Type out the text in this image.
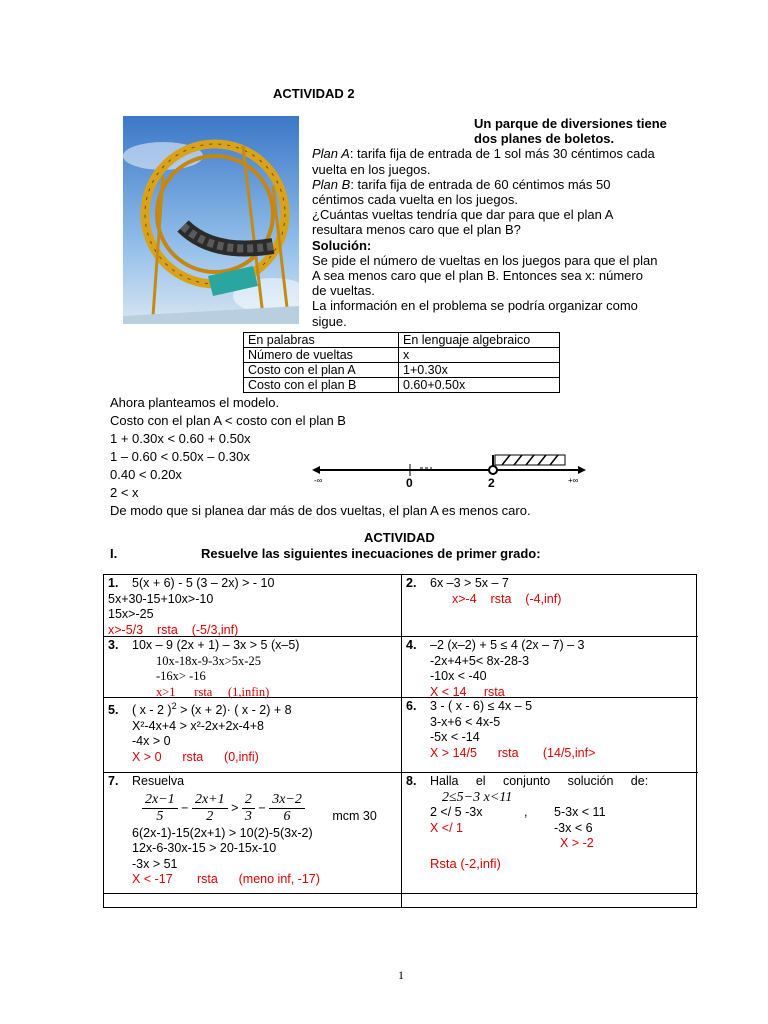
ACTIVIDAD 2

Un parque de diversiones tiene

dos planes de boletos.

Plan A: tarifa fija de entrada de 1 sol más 30 céntimos cada

vuelta en los juegos.

Plan B: tarifa fija de entrada de 60 céntimos más 50

céntimos cada vuelta en los juegos.

¿Cuántas vueltas tendría que dar para que el plan A

resultara menos caro que el plan B?

Solución:

Se pide el número de vueltas en los juegos para que el plan

A sea menos caro que el plan B. Entonces sea x: número

de vueltas.

La información en el problema se podría organizar como

sigue.

En palabras	En lenguaje algebraico
Número de vueltas	x
Costo con el plan A	1+0.30x
Costo con el plan B	0.60+0.50x
Ahora planteamos el modelo.
Costo con el plan A < costo con el plan B
1 + 0.30x < 0.60 + 0.50x
1 – 0.60 < 0.50x – 0.30x
0.40 < 0.20x
2 < x
De modo que si planea dar más de dos vueltas, el plan A es menos caro.
-∞	0	2	+∞
ACTIVIDAD
I.	Resuelve las siguientes inecuaciones de primer grado:
1. 5(x + 6) - 5 (3 – 2x) > - 10
5x+30-15+10x>-10
15x>-25
x>-5/3    rsta    (-5/3,inf)
2. 6x –3 > 5x – 7
x>-4    rsta    (-4,inf)
3. 10x – 9 (2x + 1) – 3x > 5 (x–5)
10x-18x-9-3x>5x-25
-16x> -16
x>1      rsta     (1,infin)
4. –2 (x–2) + 5 ≤ 4 (2x – 7) – 3
-2x+4+5< 8x-28-3
-10x < -40
X < 14     rsta
5. ( x - 2 )$^2$ > (x + 2)· ( x - 2) + 8
X²-4x+4 > x²-2x+2x-4+8
-4x > 0
X > 0      rsta      (0,infi)
6. 3 - ( x - 6) ≤ 4x – 5
3-x+6 < 4x-5
-5x < -14
X > 14/5      rsta       (14/5,inf>
7. Resuelva
$\frac{2x-1}{5} - \frac{2x+1}{2} > \frac{2}{3} - \frac{3x-2}{6}$ mcm 30
6(2x-1)-15(2x+1) > 10(2)-5(3x-2)
12x-6-30x-15 > 20-15x-10
-3x > 51
X < -17       rsta      (meno inf, -17)
8. Halla     el     conjunto     solución     de:
2≤5−3 x<11
2 </ 5 -3x	, 5-3x < 11
X </ 1	-3x < 6
X > -2
Rsta (-2,infi)
1
